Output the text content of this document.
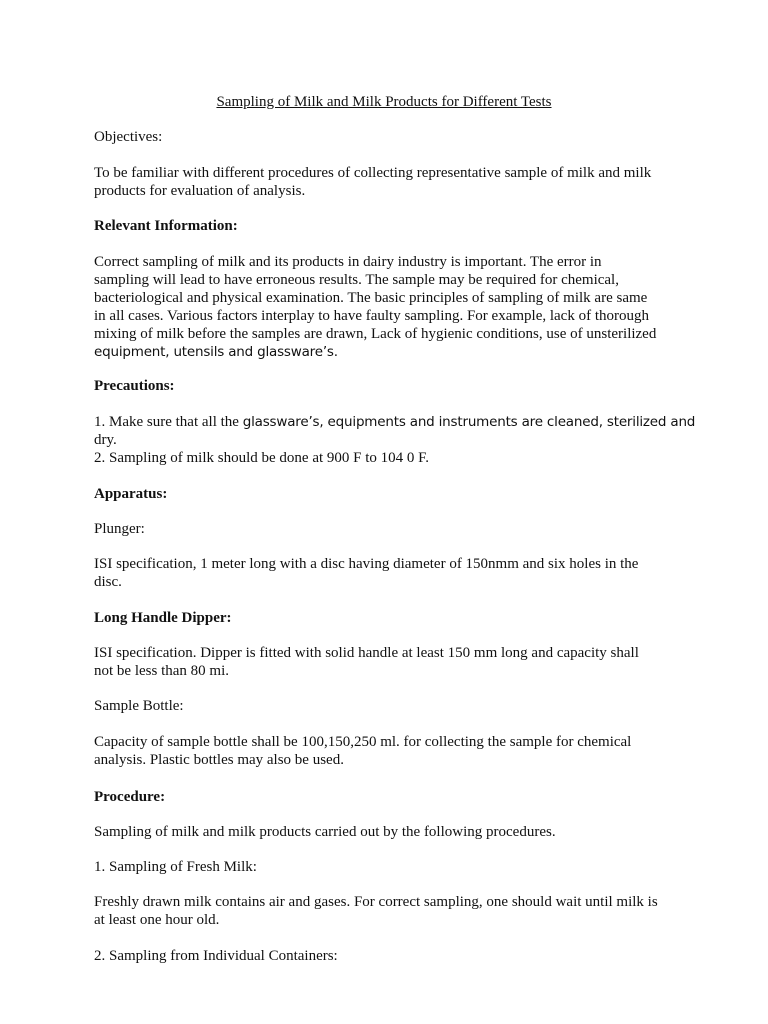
Sampling of Milk and Milk Products for Different Tests

Objectives:

To be familiar with different procedures of collecting representative sample of milk and milk
products for evaluation of analysis.

Relevant Information:

Correct sampling of milk and its products in dairy industry is important. The error in
sampling will lead to have erroneous results. The sample may be required for chemical,
bacteriological and physical examination. The basic principles of sampling of milk are same
in all cases. Various factors interplay to have faulty sampling. For example, lack of thorough
mixing of milk before the samples are drawn, Lack of hygienic conditions, use of unsterilized
equipment, utensils and glassware’s.

Precautions:

1. Make sure that all the glassware’s, equipments and instruments are cleaned, sterilized and
dry.
2. Sampling of milk should be done at 900 F to 104 0 F.

Apparatus:

Plunger:

ISI specification, 1 meter long with a disc having diameter of 150nmm and six holes in the
disc.

Long Handle Dipper:

ISI specification. Dipper is fitted with solid handle at least 150 mm long and capacity shall
not be less than 80 mi.

Sample Bottle:

Capacity of sample bottle shall be 100,150,250 ml. for collecting the sample for chemical
analysis. Plastic bottles may also be used.

Procedure:

Sampling of milk and milk products carried out by the following procedures.

1. Sampling of Fresh Milk:

Freshly drawn milk contains air and gases. For correct sampling, one should wait until milk is
at least one hour old.

2. Sampling from Individual Containers:
